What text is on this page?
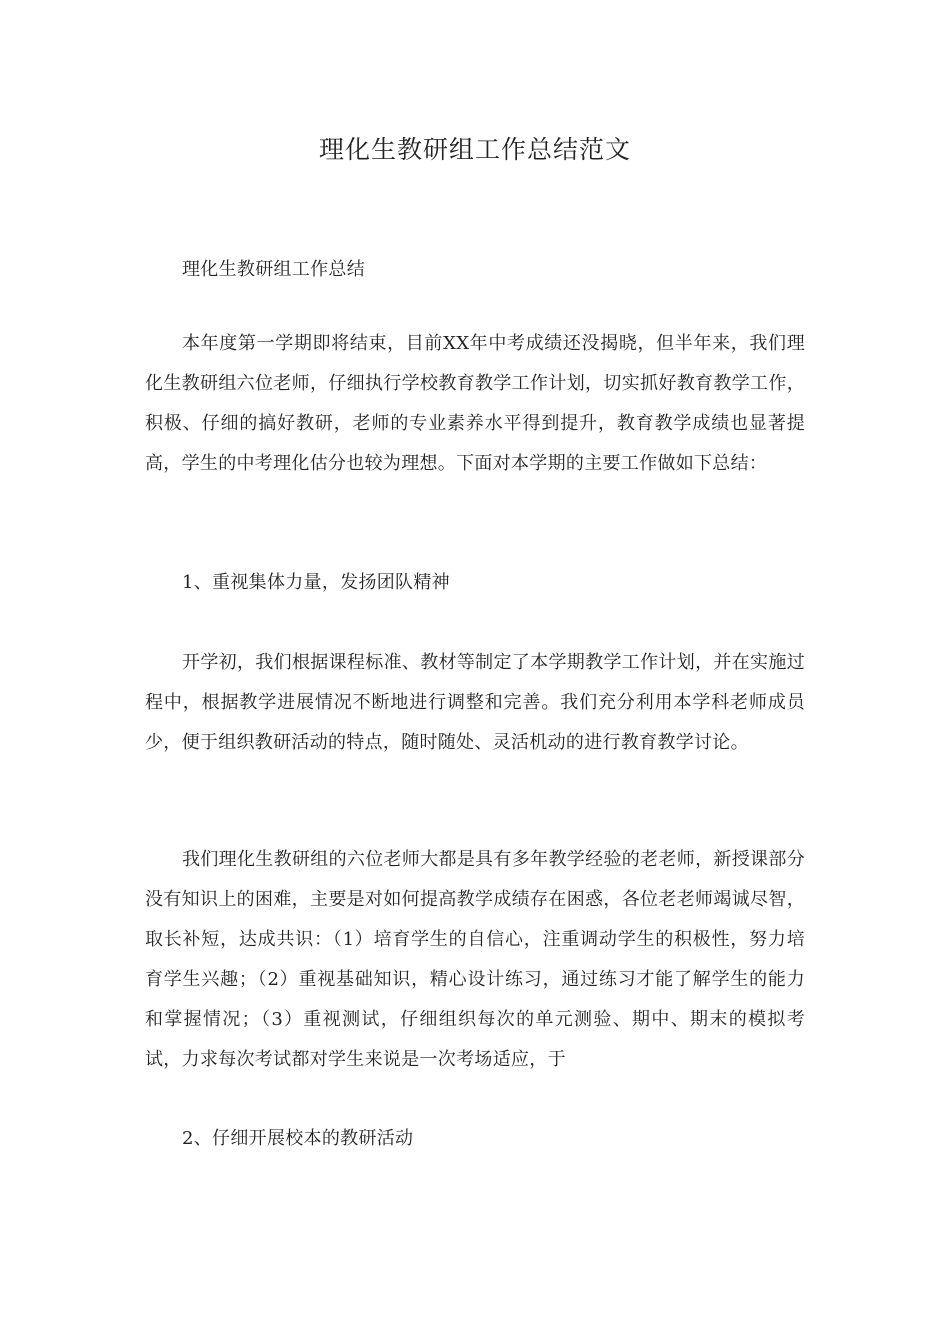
理化生教研组工作总结范文

理化生教研组工作总结

本年度第一学期即将结束，目前XX年中考成绩还没揭晓，但半年来，我们理化生教研组六位老师，仔细执行学校教育教学工作计划，切实抓好教育教学工作，积极、仔细的搞好教研，老师的专业素养水平得到提升，教育教学成绩也显著提高，学生的中考理化估分也较为理想。下面对本学期的主要工作做如下总结：

1、重视集体力量，发扬团队精神

开学初，我们根据课程标准、教材等制定了本学期教学工作计划，并在实施过程中，根据教学进展情况不断地进行调整和完善。我们充分利用本学科老师成员少，便于组织教研活动的特点，随时随处、灵活机动的进行教育教学讨论。

我们理化生教研组的六位老师大都是具有多年教学经验的老老师，新授课部分没有知识上的困难，主要是对如何提高教学成绩存在困惑，各位老老师竭诚尽智，取长补短，达成共识：（1）培育学生的自信心，注重调动学生的积极性，努力培育学生兴趣；（2）重视基础知识，精心设计练习，通过练习才能了解学生的能力和掌握情况；（3）重视测试，仔细组织每次的单元测验、期中、期末的模拟考试，力求每次考试都对学生来说是一次考场适应，于

2、仔细开展校本的教研活动
